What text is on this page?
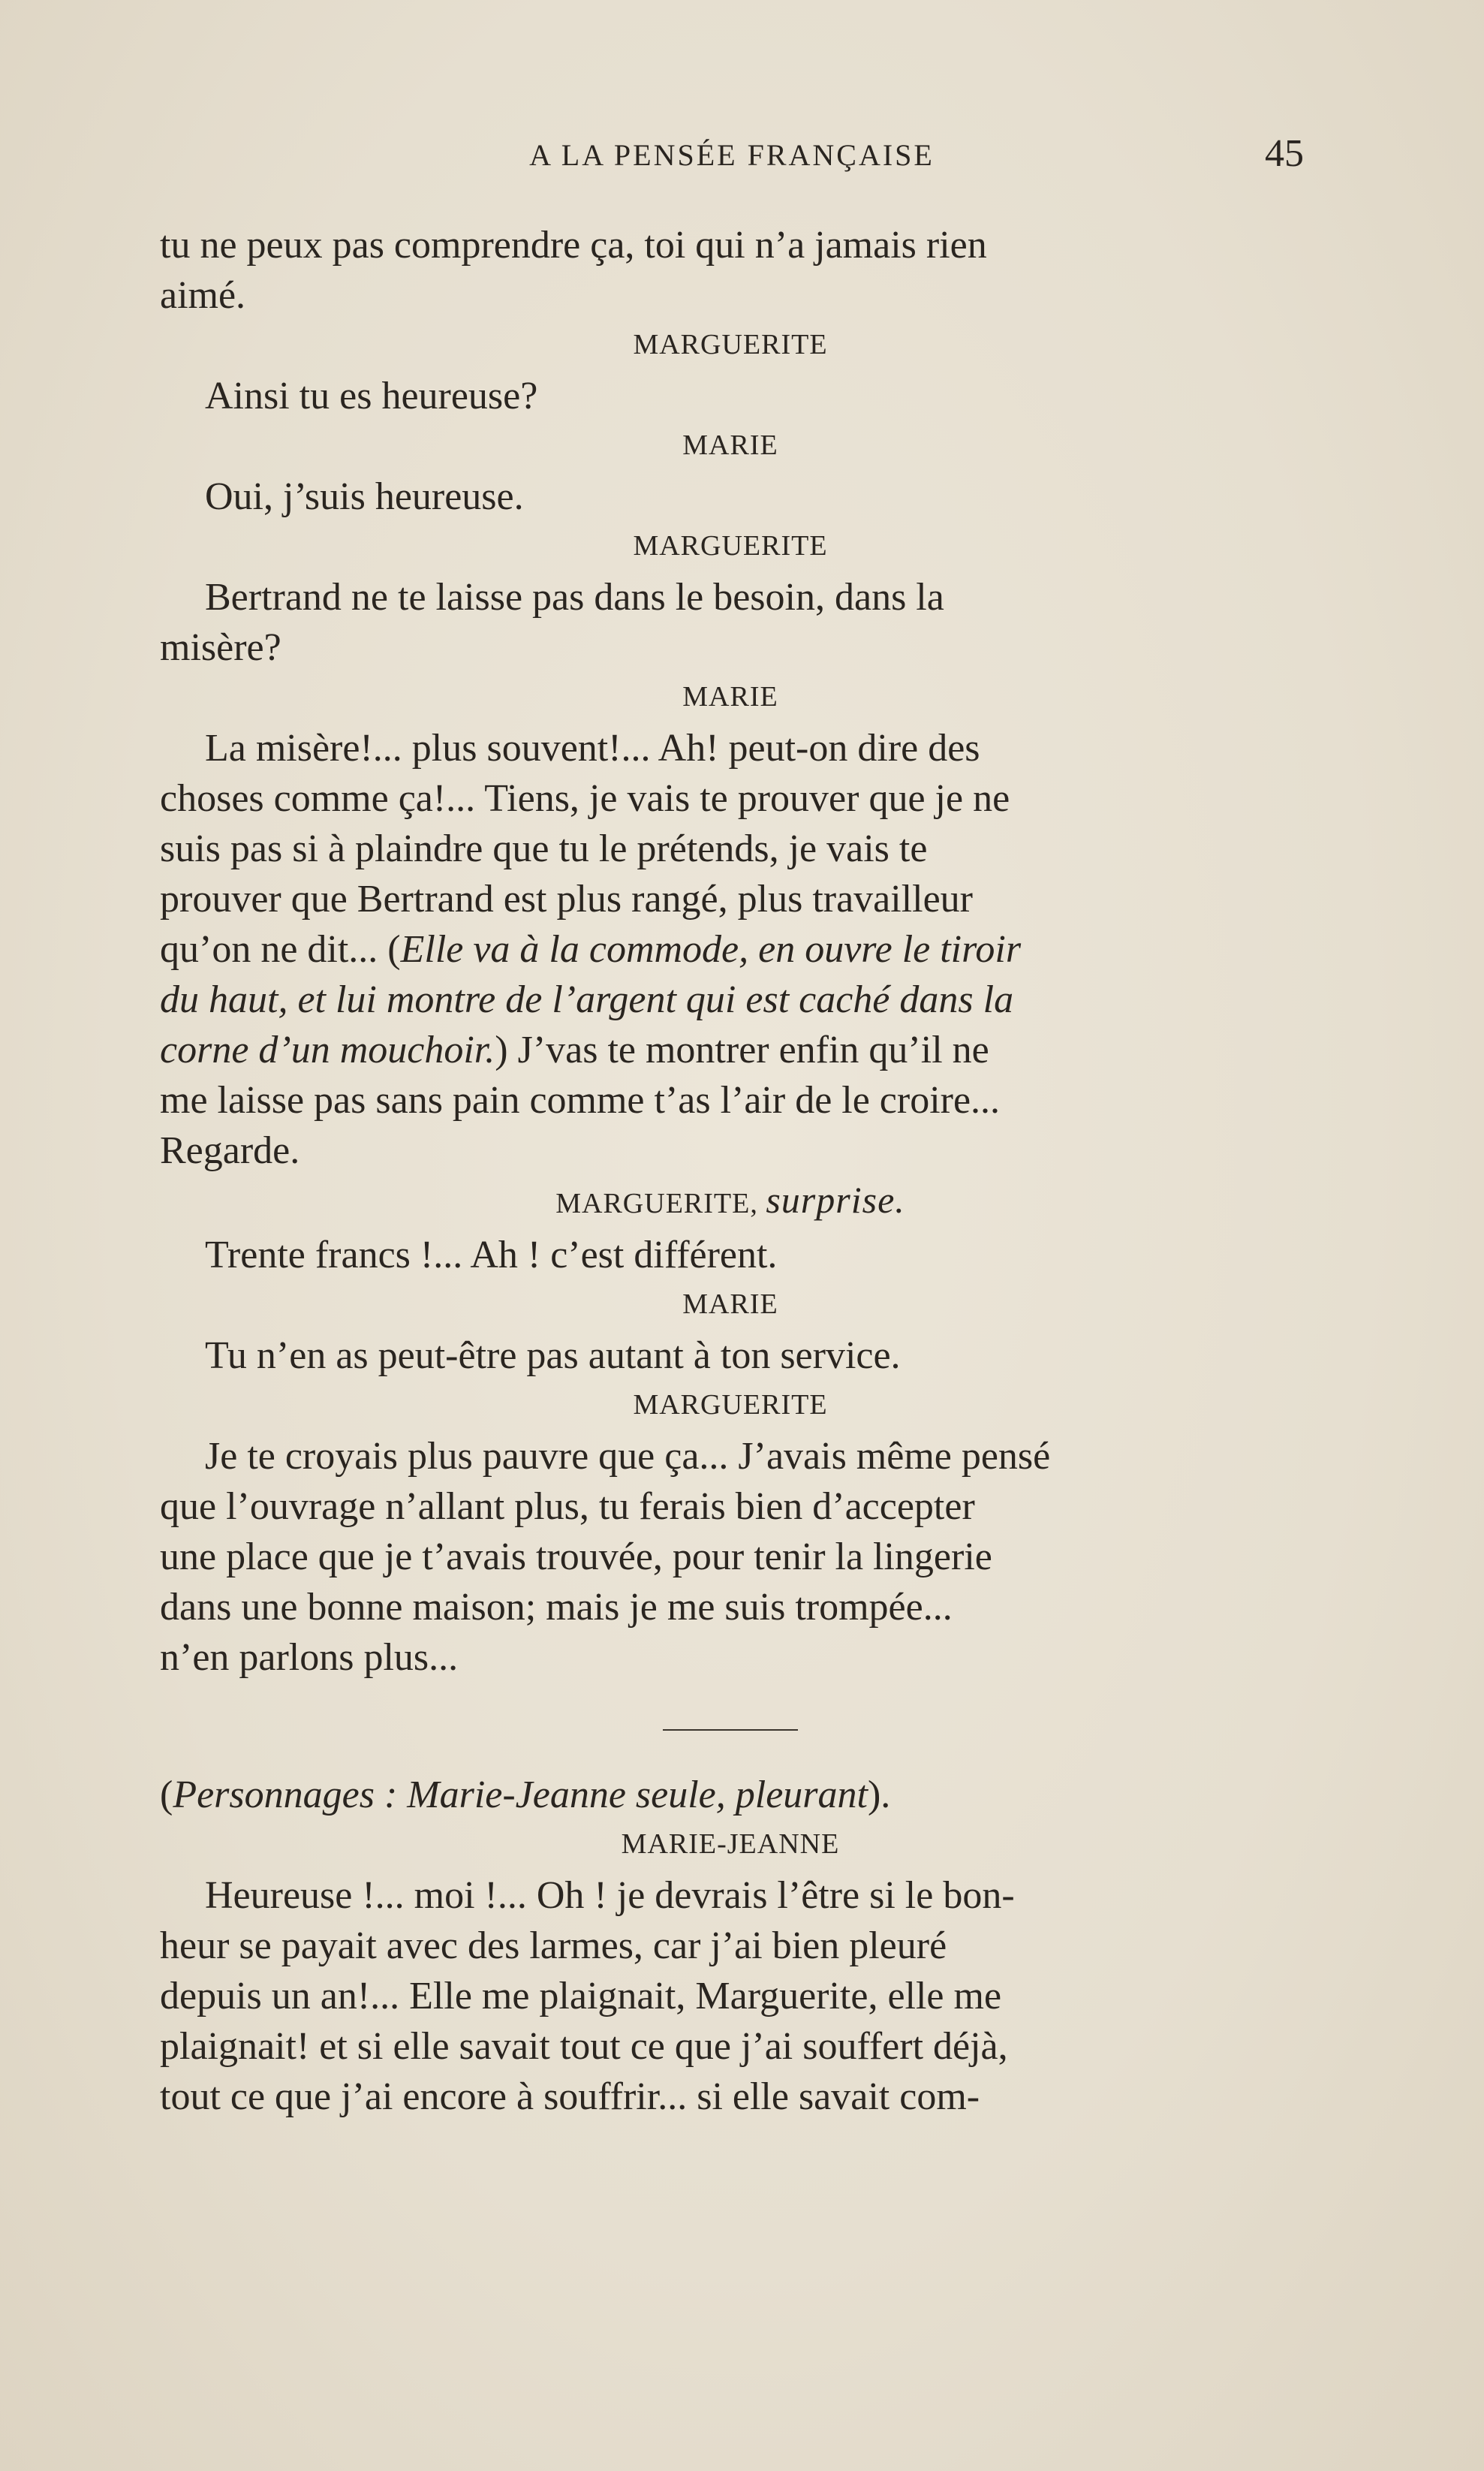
A LA PENSÉE FRANÇAISE	45

tu ne peux pas comprendre ça, toi qui n’a jamais rien
aimé.

MARGUERITE

Ainsi tu es heureuse?

MARIE

Oui, j’suis heureuse.

MARGUERITE

Bertrand ne te laisse pas dans le besoin, dans la
misère?

MARIE

La misère!... plus souvent!... Ah! peut-on dire des
choses comme ça!... Tiens, je vais te prouver que je ne
suis pas si à plaindre que tu le prétends, je vais te
prouver que Bertrand est plus rangé, plus travailleur
qu’on ne dit... (Elle va à la commode, en ouvre le tiroir
du haut, et lui montre de l’argent qui est caché dans la
corne d’un mouchoir.) J’vas te montrer enfin qu’il ne
me laisse pas sans pain comme t’as l’air de le croire...
Regarde.

MARGUERITE, surprise.

Trente francs !... Ah ! c’est différent.

MARIE

Tu n’en as peut-être pas autant à ton service.

MARGUERITE

Je te croyais plus pauvre que ça... J’avais même pensé
que l’ouvrage n’allant plus, tu ferais bien d’accepter
une place que je t’avais trouvée, pour tenir la lingerie
dans une bonne maison; mais je me suis trompée...
n’en parlons plus...

(Personnages : Marie-Jeanne seule, pleurant).

MARIE-JEANNE

Heureuse !... moi !... Oh ! je devrais l’être si le bon-
heur se payait avec des larmes, car j’ai bien pleuré
depuis un an!... Elle me plaignait, Marguerite, elle me
plaignait! et si elle savait tout ce que j’ai souffert déjà,
tout ce que j’ai encore à souffrir... si elle savait com-
